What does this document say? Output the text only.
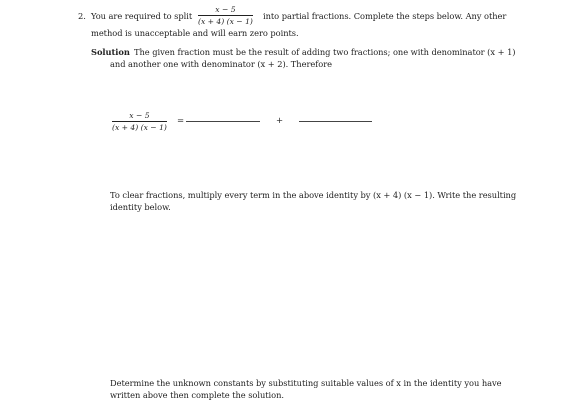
2. You are required to split
x − 5
(x + 4) (x − 1)
into partial fractions. Complete the steps below. Any other
method is unacceptable and will earn zero points.
Solution The given fraction must be the result of adding two fractions; one with denominator (x + 1)
and another one with denominator (x + 2). Therefore
x − 5
(x + 4) (x − 1)
=	+
To clear fractions, multiply every term in the above identity by (x + 4) (x − 1). Write the resulting
identity below.
Determine the unknown constants by substituting suitable values of x in the identity you have
written above then complete the solution.
